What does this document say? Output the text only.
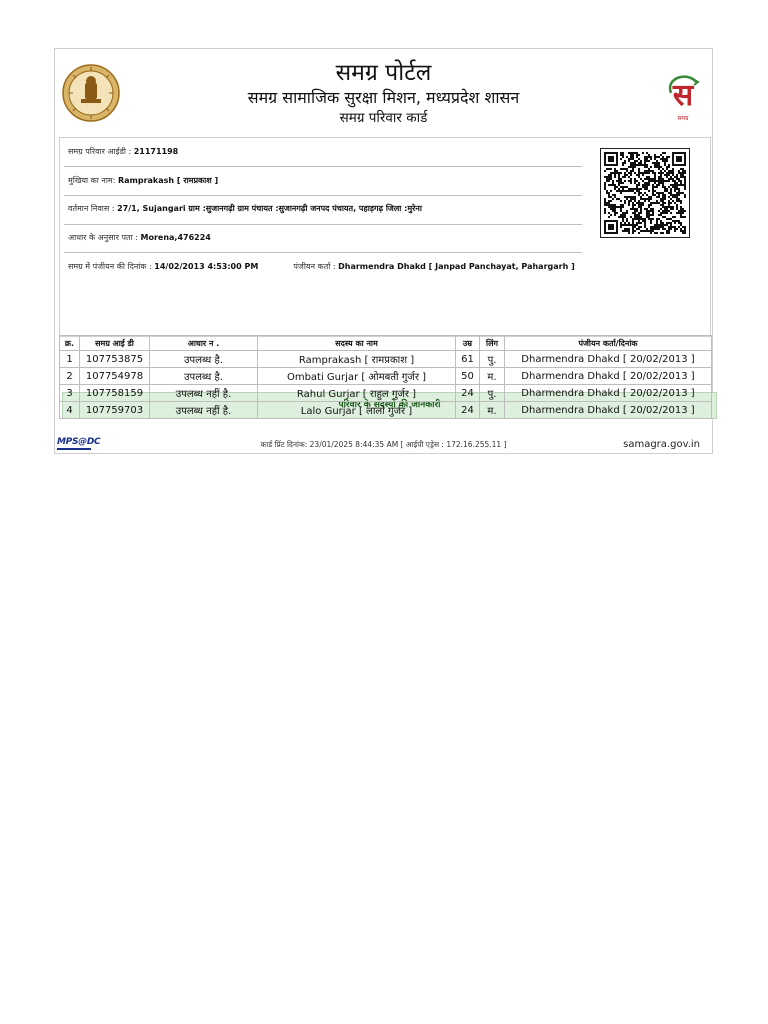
समग्र पोर्टल
समग्र सामाजिक सुरक्षा मिशन, मध्यप्रदेश शासन
समग्र परिवार कार्ड
स
समग्र
समग्र परिवार आईडी : 21171198
मुखिया का नाम: Ramprakash [ रामप्रकाश ]
वर्तमान निवास : 27/1, Sujangari ग्राम :सुजानगढ़ी ग्राम पंचायत :सुजानगढ़ी जनपद पंचायत, पहाड़गढ़ जिला :मुरेना
आधार के अनुसार पता : Morena,476224
समग्र में पंजीयन की दिनांक : 14/02/2013 4:53:00 PM	पंजीयन कर्ता : Dharmendra Dhakd [ Janpad Panchayat, Pahargarh ]
परिवार के सदस्यो की जानकारी
क्र.	समग्र आई डी	आधार न .	सदस्य का नाम	उम्र	लिंग	पंजीयन कर्ता/दिनांक
1	107753875	उपलब्ध है.	Ramprakash [ रामप्रकाश ]	61	पु.	Dharmendra Dhakd [ 20/02/2013 ]
2	107754978	उपलब्ध है.	Ombati Gurjar [ ओमबती गुर्जर ]	50	म.	Dharmendra Dhakd [ 20/02/2013 ]
3	107758159	उपलब्ध नहीं है.	Rahul Gurjar [ राहुल गुर्जर ]	24	पु.	Dharmendra Dhakd [ 20/02/2013 ]
4	107759703	उपलब्ध नहीं है.	Lalo Gurjar [ लालो गुर्जर ]	24	म.	Dharmendra Dhakd [ 20/02/2013 ]
MPS@DC	कार्ड प्रिंट दिनांक: 23/01/2025 8:44:35 AM [ आईपी एड्रेस : 172.16.255.11 ]	samagra.gov.in
